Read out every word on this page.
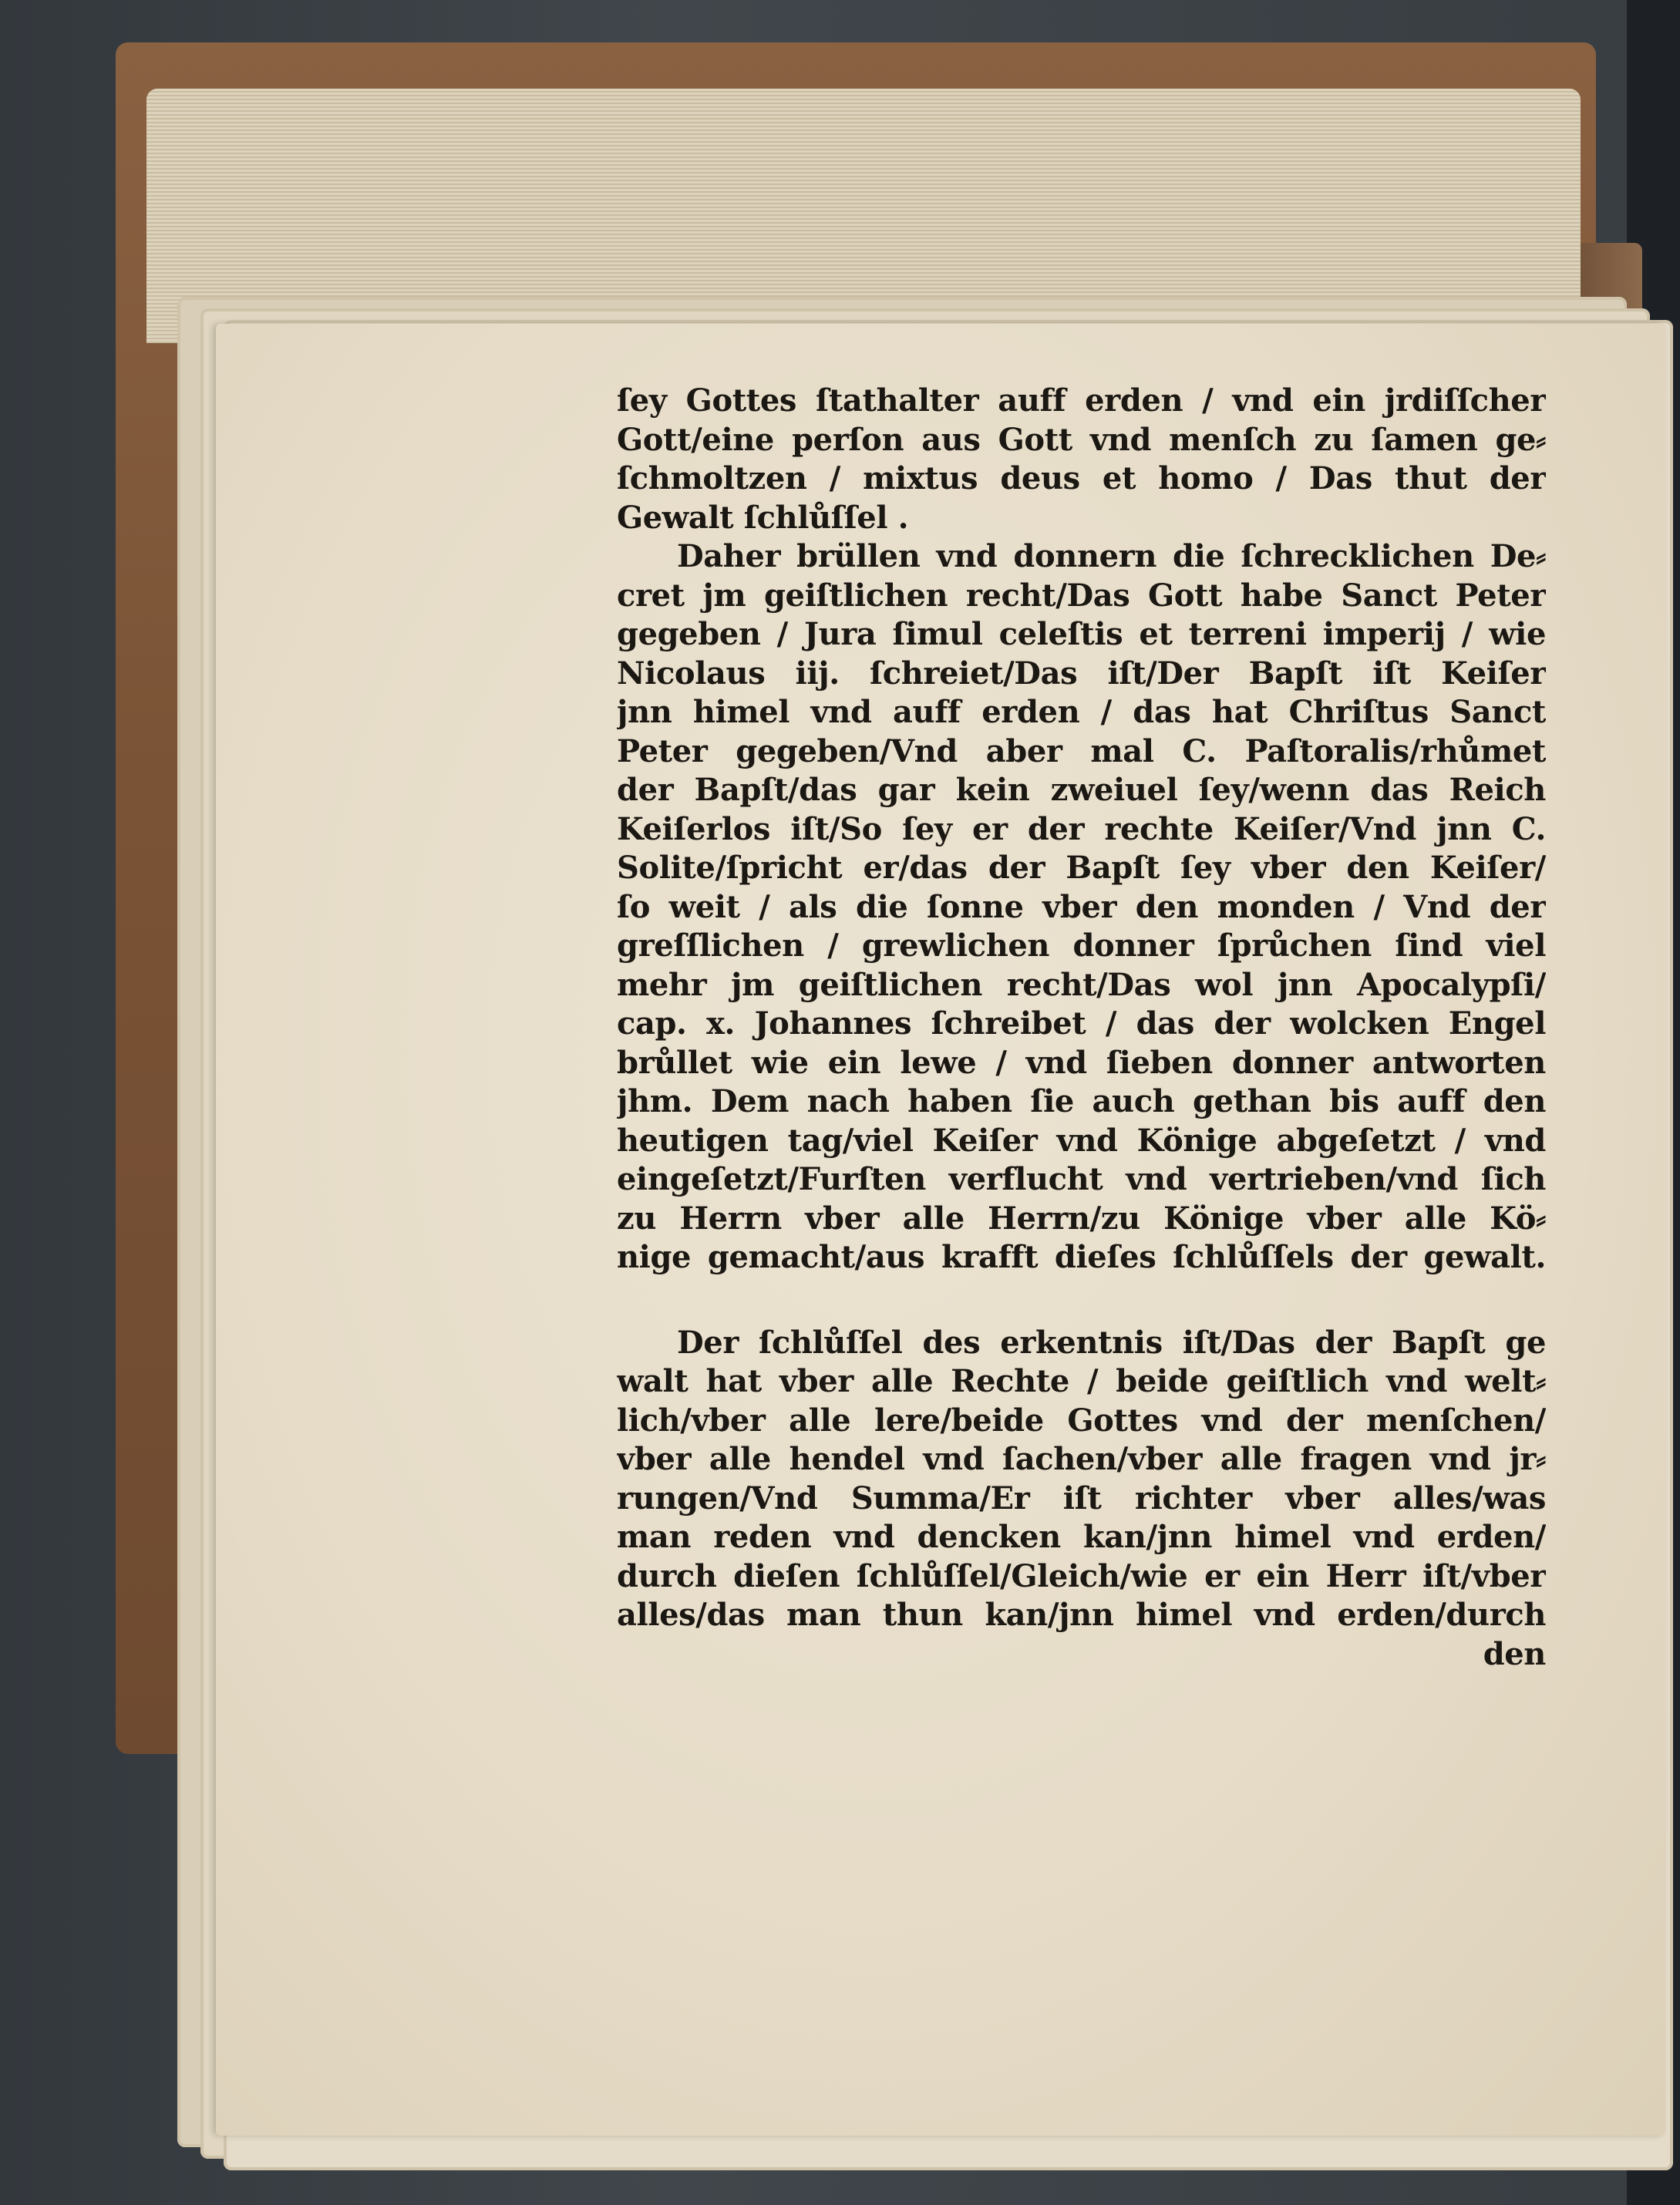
ſey Gottes ſtathalter auff erden / vnd ein jrdiſſcher
Gott/eine perſon aus Gott vnd menſch zu ſamen ge⸗
ſchmoltzen / mixtus deus et homo / Das thut der
Gewalt ſchlůſſel .
Daher brüllen vnd donnern die ſchrecklichen De⸗
cret jm geiſtlichen recht/Das Gott habe Sanct Peter
gegeben / Jura ſimul celeſtis et terreni imperij / wie
Nicolaus iij. ſchreiet/Das iſt/Der Bapſt iſt Keiſer
jnn himel vnd auff erden / das hat Chriſtus Sanct
Peter gegeben/Vnd aber mal C. Paſtoralis/rhůmet
der Bapſt/das gar kein zweiuel ſey/wenn das Reich
Keiſerlos iſt/So ſey er der rechte Keiſer/Vnd jnn C.
Solite/ſpricht er/das der Bapſt ſey vber den Keiſer/
ſo weit / als die ſonne vber den monden / Vnd der
greſſlichen / grewlichen donner ſprůchen ſind viel
mehr jm geiſtlichen recht/Das wol jnn Apocalypſi/
cap. x. Johannes ſchreibet / das der wolcken Engel
brůllet wie ein lewe / vnd ſieben donner antworten
jhm. Dem nach haben ſie auch gethan bis auff den
heutigen tag/viel Keiſer vnd Könige abgeſetzt / vnd
eingeſetzt/Furſten verflucht vnd vertrieben/vnd ſich
zu Herrn vber alle Herrn/zu Könige vber alle Kö⸗
nige gemacht/aus krafft dieſes ſchlůſſels der gewalt.
Der ſchlůſſel des erkentnis iſt/Das der Bapſt ge
walt hat vber alle Rechte / beide geiſtlich vnd welt⸗
lich/vber alle lere/beide Gottes vnd der menſchen/
vber alle hendel vnd ſachen/vber alle fragen vnd jr⸗
rungen/Vnd Summa/Er iſt richter vber alles/was
man reden vnd dencken kan/jnn himel vnd erden/
durch dieſen ſchlůſſel/Gleich/wie er ein Herr iſt/vber
alles/das man thun kan/jnn himel vnd erden/durch
den
